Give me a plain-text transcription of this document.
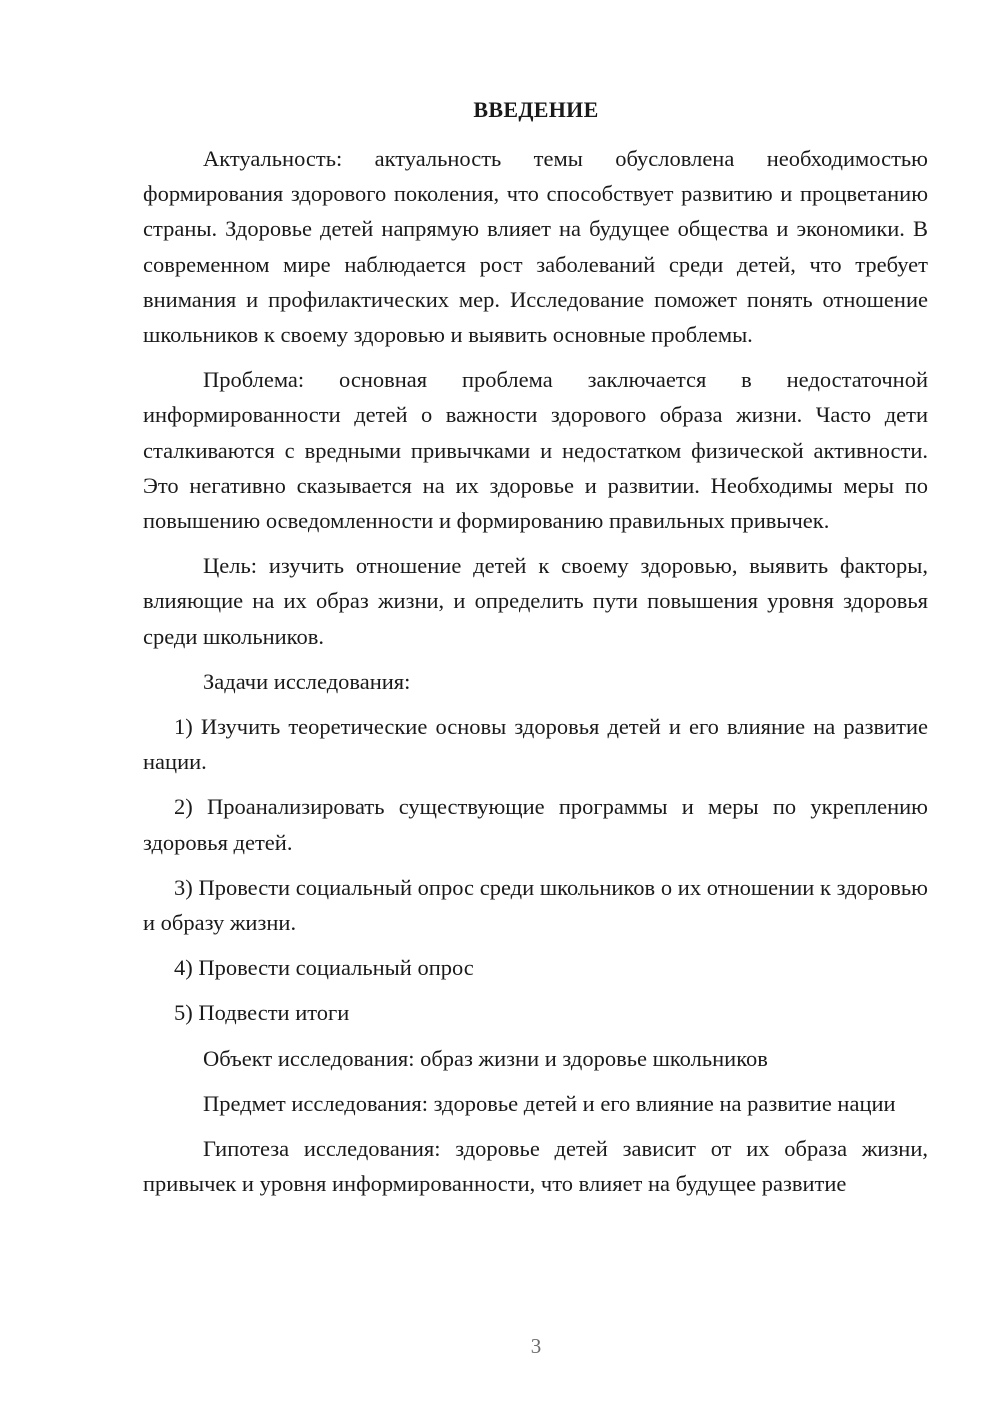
ВВЕДЕНИЕ

Актуальность: актуальность темы обусловлена необходимостью формирования здорового поколения, что способствует развитию и процветанию страны. Здоровье детей напрямую влияет на будущее общества и экономики. В современном мире наблюдается рост заболеваний среди детей, что требует внимания и профилактических мер. Исследование поможет понять отношение школьников к своему здоровью и выявить основные проблемы.

Проблема: основная проблема заключается в недостаточной информированности детей о важности здорового образа жизни. Часто дети сталкиваются с вредными привычками и недостатком физической активности. Это негативно сказывается на их здоровье и развитии. Необходимы меры по повышению осведомленности и формированию правильных привычек.

Цель: изучить отношение детей к своему здоровью, выявить факторы, влияющие на их образ жизни, и определить пути повышения уровня здоровья среди школьников.

Задачи исследования:

1) Изучить теоретические основы здоровья детей и его влияние на развитие нации.

2) Проанализировать существующие программы и меры по укреплению здоровья детей.

3) Провести социальный опрос среди школьников о их отношении к здоровью и образу жизни.

4) Провести социальный опрос

5) Подвести итоги

Объект исследования: образ жизни и здоровье школьников

Предмет исследования: здоровье детей и его влияние на развитие нации

Гипотеза исследования: здоровье детей зависит от их образа жизни, привычек и уровня информированности, что влияет на будущее развитие

3
